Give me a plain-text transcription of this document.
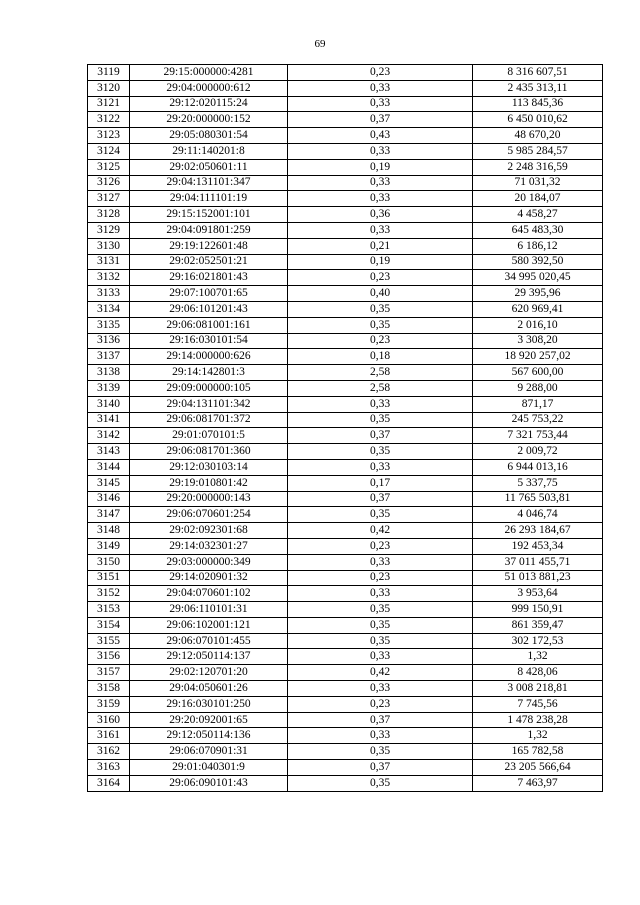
69
3119	29:15:000000:4281	0,23	8 316 607,51
3120	29:04:000000:612	0,33	2 435 313,11
3121	29:12:020115:24	0,33	113 845,36
3122	29:20:000000:152	0,37	6 450 010,62
3123	29:05:080301:54	0,43	48 670,20
3124	29:11:140201:8	0,33	5 985 284,57
3125	29:02:050601:11	0,19	2 248 316,59
3126	29:04:131101:347	0,33	71 031,32
3127	29:04:111101:19	0,33	20 184,07
3128	29:15:152001:101	0,36	4 458,27
3129	29:04:091801:259	0,33	645 483,30
3130	29:19:122601:48	0,21	6 186,12
3131	29:02:052501:21	0,19	580 392,50
3132	29:16:021801:43	0,23	34 995 020,45
3133	29:07:100701:65	0,40	29 395,96
3134	29:06:101201:43	0,35	620 969,41
3135	29:06:081001:161	0,35	2 016,10
3136	29:16:030101:54	0,23	3 308,20
3137	29:14:000000:626	0,18	18 920 257,02
3138	29:14:142801:3	2,58	567 600,00
3139	29:09:000000:105	2,58	9 288,00
3140	29:04:131101:342	0,33	871,17
3141	29:06:081701:372	0,35	245 753,22
3142	29:01:070101:5	0,37	7 321 753,44
3143	29:06:081701:360	0,35	2 009,72
3144	29:12:030103:14	0,33	6 944 013,16
3145	29:19:010801:42	0,17	5 337,75
3146	29:20:000000:143	0,37	11 765 503,81
3147	29:06:070601:254	0,35	4 046,74
3148	29:02:092301:68	0,42	26 293 184,67
3149	29:14:032301:27	0,23	192 453,34
3150	29:03:000000:349	0,33	37 011 455,71
3151	29:14:020901:32	0,23	51 013 881,23
3152	29:04:070601:102	0,33	3 953,64
3153	29:06:110101:31	0,35	999 150,91
3154	29:06:102001:121	0,35	861 359,47
3155	29:06:070101:455	0,35	302 172,53
3156	29:12:050114:137	0,33	1,32
3157	29:02:120701:20	0,42	8 428,06
3158	29:04:050601:26	0,33	3 008 218,81
3159	29:16:030101:250	0,23	7 745,56
3160	29:20:092001:65	0,37	1 478 238,28
3161	29:12:050114:136	0,33	1,32
3162	29:06:070901:31	0,35	165 782,58
3163	29:01:040301:9	0,37	23 205 566,64
3164	29:06:090101:43	0,35	7 463,97
